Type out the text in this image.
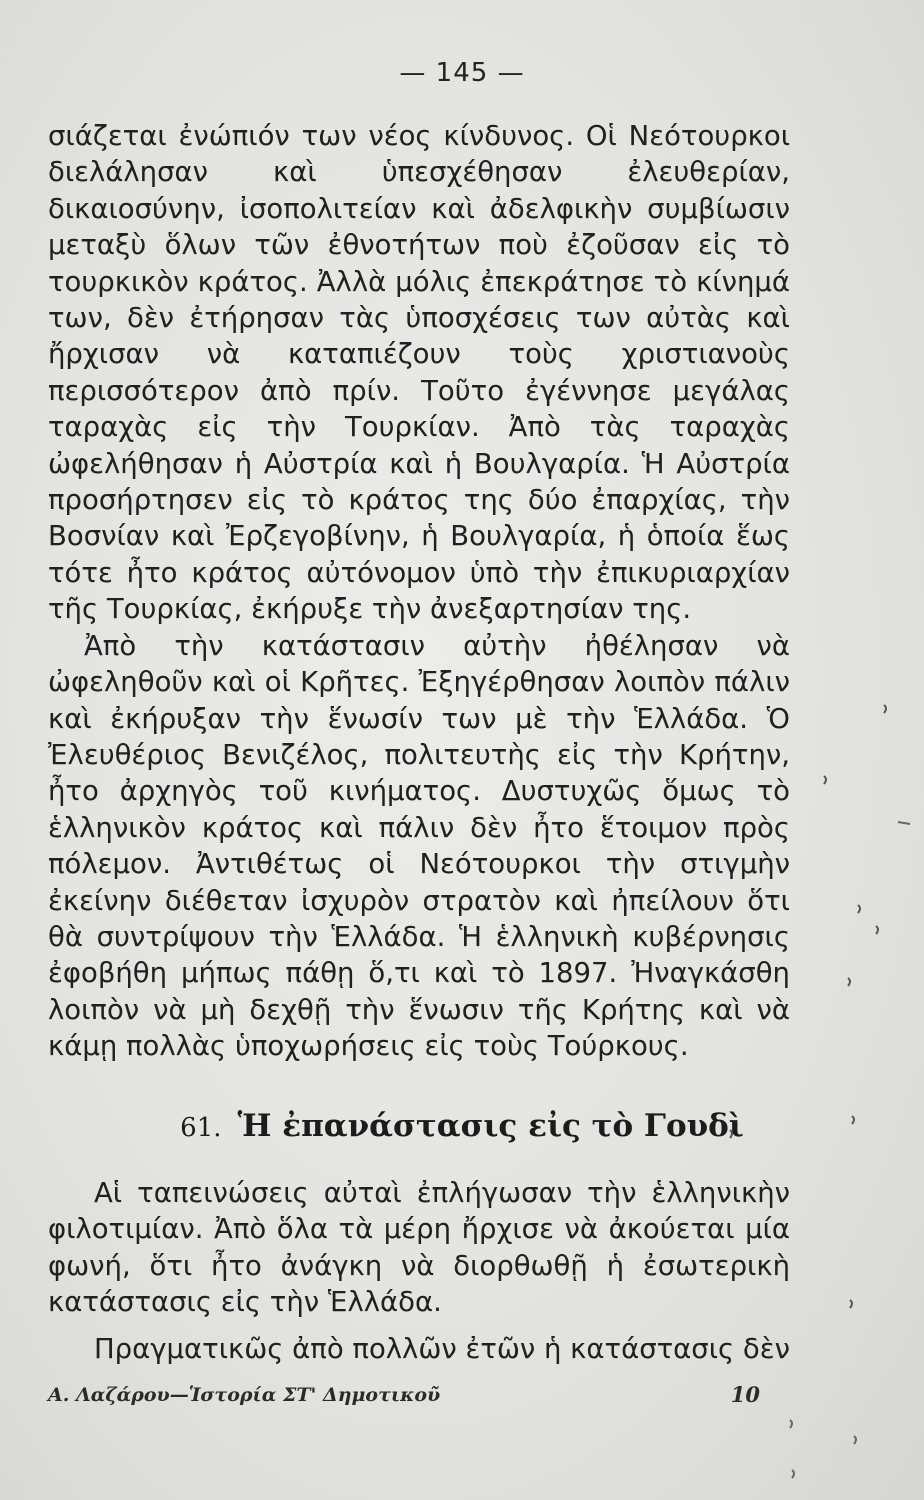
— 145 —

σιάζεται ἐνώπιόν των νέος κίνδυνος. Οἱ Νεότουρκοι διελάλησαν καὶ ὑπεσχέθησαν ἐλευθερίαν, δικαιοσύνην, ἰσοπολιτείαν καὶ ἀδελφικὴν συμβίωσιν μεταξὺ ὅλων τῶν ἐθνοτήτων ποὺ ἐζοῦσαν εἰς τὸ τουρκικὸν κράτος. Ἀλλὰ μόλις ἐπεκράτησε τὸ κίνημά των, δὲν ἐτήρησαν τὰς ὑποσχέσεις των αὐτὰς καὶ ἤρχισαν νὰ καταπιέζουν τοὺς χριστιανοὺς περισσότερον ἀπὸ πρίν. Τοῦτο ἐγέννησε μεγάλας ταραχὰς εἰς τὴν Τουρκίαν. Ἀπὸ τὰς ταραχὰς ὠφελήθησαν ἡ Αὐστρία καὶ ἡ Βουλγαρία. Ἡ Αὐστρία προσήρτησεν εἰς τὸ κράτος της δύο ἐπαρχίας, τὴν Βοσνίαν καὶ Ἐρζεγοβίνην, ἡ Βουλγαρία, ἡ ὁποία ἕως τότε ἦτο κράτος αὐτόνομον ὑπὸ τὴν ἐπικυριαρχίαν τῆς Τουρκίας, ἐκήρυξε τὴν ἀνεξαρτησίαν της.

Ἀπὸ τὴν κατάστασιν αὐτὴν ἠθέλησαν νὰ ὠφεληθοῦν καὶ οἱ Κρῆτες. Ἐξηγέρθησαν λοιπὸν πάλιν καὶ ἐκήρυξαν τὴν ἕνωσίν των μὲ τὴν Ἑλλάδα. Ὁ Ἐλευθέριος Βενιζέλος, πολιτευτὴς εἰς τὴν Κρήτην, ἦτο ἀρχηγὸς τοῦ κινήματος. Δυστυχῶς ὅμως τὸ ἑλληνικὸν κράτος καὶ πάλιν δὲν ἦτο ἕτοιμον πρὸς πόλεμον. Ἀντιθέτως οἱ Νεότουρκοι τὴν στιγμὴν ἐκείνην διέθεταν ἰσχυρὸν στρατὸν καὶ ἠπείλουν ὅτι θὰ συντρίψουν τὴν Ἑλλάδα. Ἡ ἑλληνικὴ κυβέρνησις ἐφοβήθη μήπως πάθῃ ὅ,τι καὶ τὸ 1897. Ἠναγκάσθη λοιπὸν νὰ μὴ δεχθῇ τὴν ἕνωσιν τῆς Κρήτης καὶ νὰ κάμῃ πολλὰς ὑποχωρήσεις εἰς τοὺς Τούρκους.

61. Ἡ ἐπανάστασις εἰς τὸ Γουδὶ

Αἱ ταπεινώσεις αὐταὶ ἐπλήγωσαν τὴν ἑλληνικὴν φιλοτιμίαν. Ἀπὸ ὅλα τὰ μέρη ἤρχισε νὰ ἀκούεται μία φωνή, ὅτι ἦτο ἀνάγκη νὰ διορθωθῇ ἡ ἐσωτερικὴ κατάστασις εἰς τὴν Ἑλλάδα.

Πραγματικῶς ἀπὸ πολλῶν ἐτῶν ἡ κατάστασις δὲν

Α. Λαζάρου—Ἱστορία ΣΤ' Δημοτικοῦ	10
